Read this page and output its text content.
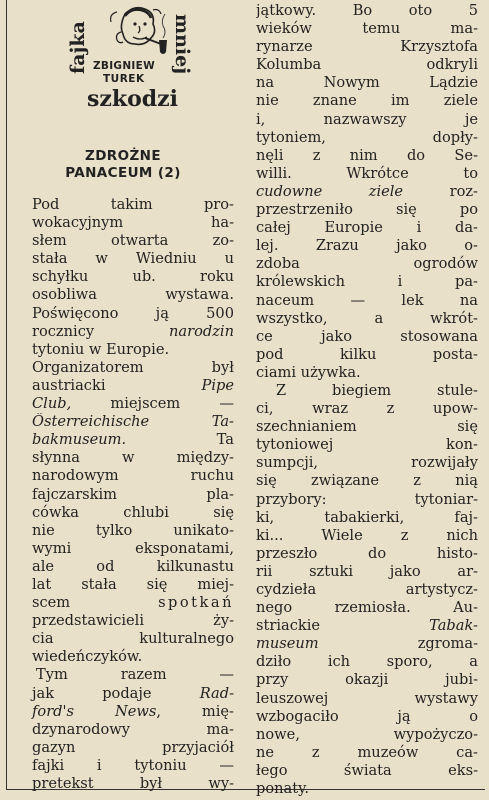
fajka	mniej
ZBIGNIEW
TUREK
szkodzi
ZDROŻNE
PANACEUM (2)
Pod takim pro-
wokacyjnym ha-
słem otwarta zo-
stała w Wiedniu u
schyłku ub. roku
osobliwa wystawa.
Poświęcono ją 500
rocznicy narodzin
tytoniu w Europie.
Organizatorem był
austriacki Pipe
Club, miejscem —
Österreichische Ta-
bakmuseum. Ta
słynna w między-
narodowym ruchu
fajczarskim pla-
cówka chlubi się
nie tylko unikato-
wymi eksponatami,
ale od kilkunastu
lat stała się miej-
scem spotkań
przedstawicieli ży-
cia kulturalnego
wiedeńczyków.
Tym razem —
jak podaje Rad-
ford's News, mię-
dzynarodowy ma-
gazyn przyjaciół
fajki i tytoniu —
pretekst był wy-
jątkowy. Bo oto 5
wieków temu ma-
rynarze Krzysztofa
Kolumba odkryli
na Nowym Lądzie
nie znane im ziele
i, nazwawszy je
tytoniem, dopły-
nęli z nim do Se-
willi. Wkrótce to
cudowne ziele roz-
przestrzeniło się po
całej Europie i da-
lej. Zrazu jako o-
zdoba ogrodów
królewskich i pa-
naceum — lek na
wszystko, a wkrót-
ce jako stosowana
pod kilku posta-
ciami używka.
Z biegiem stule-
ci, wraz z upow-
szechnianiem się
tytoniowej kon-
sumpcji, rozwijały
się związane z nią
przybory: tytoniar-
ki, tabakierki, faj-
ki... Wiele z nich
przeszło do histo-
rii sztuki jako ar-
cydzieła artystycz-
nego rzemiosła. Au-
striackie Tabak-
museum zgroma-
dziło ich sporo, a
przy okazji jubi-
leuszowej wystawy
wzbogaciło ją o
nowe, wypożyczo-
ne z muzeów ca-
łego świata eks-
ponaty.
